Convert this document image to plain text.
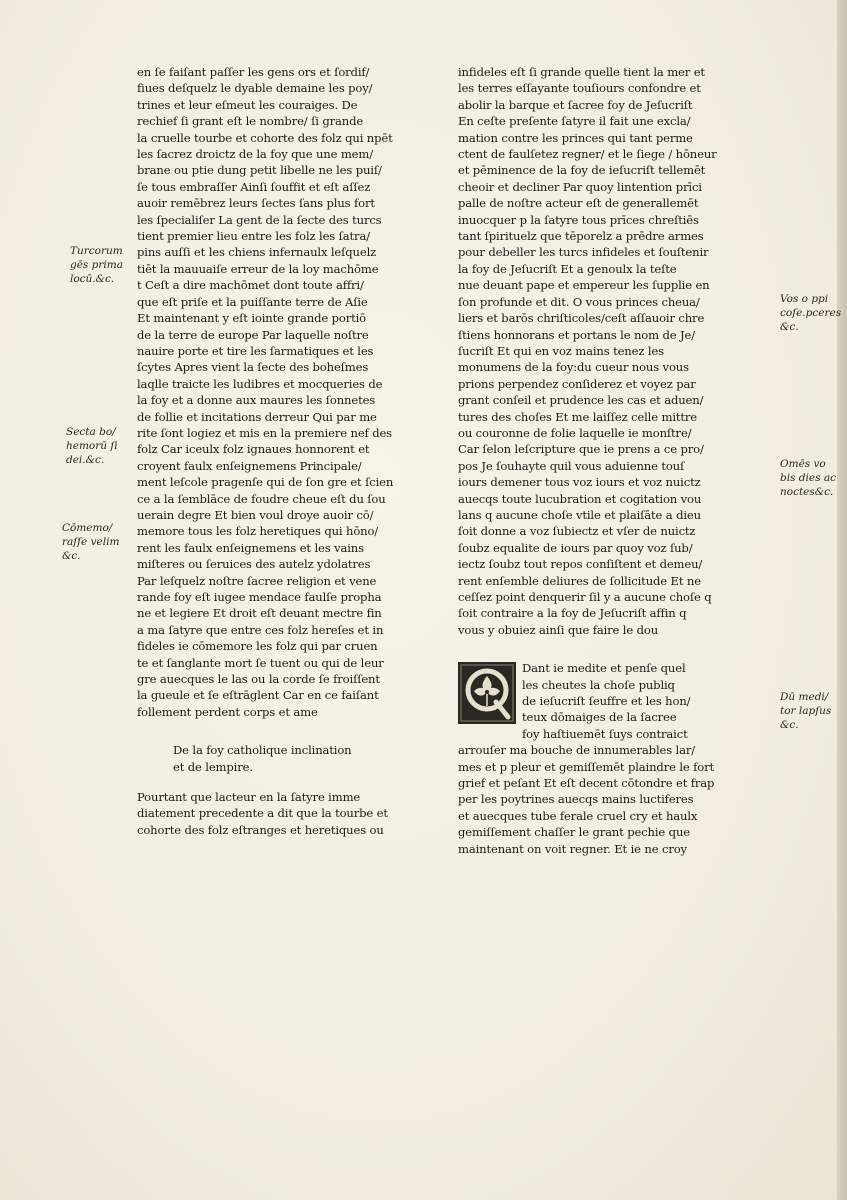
en ſe faiſant paſſer les gens ors et ſordif/
fiues deſquelz le dyable demaine les poy/
trines et leur eſmeut les couraiges. De
rechief ſi grant eſt le nombre/ ſi grande
la cruelle tourbe et cohorte des folz qui npēt
les ſacrez droictz de la foy que une mem/
brane ou ptie dung petit libelle ne les puiſ/
ſe tous embraſſer Ainſi ſouffit et eſt aſſez
auoir remēbrez leurs ſectes ſans plus fort
les ſpecialiſer La gent de la ſecte des turcs
tient premier lieu entre les folz les ſatra/
pins auſſi et les chiens infernaulx leſquelz
tiēt la mauuaiſe erreur de la loy machōme
t Ceſt a dire machōmet dont toute affri/
que eſt priſe et la puiſſante terre de Aſie
Et maintenant y eſt iointe grande portiō
de la terre de europe Par laquelle noſtre
nauire porte et tire les ſarmatiques et les
ſcytes Apres vient la ſecte des boheſmes
laqlle traicte les ludibres et mocqueries de
la foy et a donne aux maures les ſonnetes
de follie et incitations derreur Qui par me
rite ſont logiez et mis en la premiere nef des
folz Car iceulx folz ignaues honnorent et
croyent faulx enſeignemens Principale/
ment leſcole pragenſe qui de ſon gre et ſcien
ce a la ſemblāce de foudre cheue eſt du ſou
uerain degre Et bien voul droye auoir cō/
memore tous les folz heretiques qui hōno/
rent les faulx enſeignemens et les vains
miſteres ou ſeruices des autelz ydolatres
Par leſquelz noſtre ſacree religion et vene
rande foy eſt iugee mendace faulſe propha
ne et legiere Et droit eſt deuant mectre fin
a ma ſatyre que entre ces folz hereſes et in
fideles ie cōmemore les folz qui par cruen
te et ſanglante mort ſe tuent ou qui de leur
gre auecques le las ou la corde ſe froiſſent
la gueule et ſe eſtrāglent Car en ce faiſant
follement perdent corps et ame
De la foy catholique inclination
et de lempire.
Pourtant que lacteur en la ſatyre imme
diatement precedente a dit que la tourbe et
cohorte des folz eſtranges et heretiques ou
infideles eſt ſi grande quelle tient la mer et
les terres eſſayante touſiours confondre et
abolir la barque et ſacree foy de Jeſucriſt
En ceſte preſente ſatyre il fait une excla/
mation contre les princes qui tant perme
ctent de faulſetez regner/ et le ſiege / hōneur
et pēminence de la foy de ieſucriſt tellemēt
cheoir et decliner Par quoy lintention prīci
palle de noſtre acteur eſt de generallemēt
inuocquer p la ſatyre tous prīces chreſtiēs
tant ſpirituelz que tēporelz a prēdre armes
pour debeller les turcs infideles et ſouſtenir
la foy de Jeſucriſt Et a genoulx la teſte
nue deuant pape et empereur les ſupplie en
ſon profunde et dit. O vous princes cheua/
liers et barōs chriſticoles/ceſt aſſauoir chre
ſtiens honnorans et portans le nom de Je/
ſucriſt Et qui en voz mains tenez les
monumens de la foy:du cueur nous vous
prions perpendez conſiderez et voyez par
grant conſeil et prudence les cas et aduen/
tures des choſes Et me laiſſez celle mittre
ou couronne de folie laquelle ie monſtre/
Car ſelon leſcripture que ie prens a ce pro/
pos Je ſouhayte quil vous aduienne touſ
iours demener tous voz iours et voz nuictz
auecqs toute lucubration et cogitation vou
lans q aucune choſe vtile et plaiſāte a dieu
ſoit donne a voz ſubiectz et vſer de nuictz
ſoubz equalite de iours par quoy voz ſub/
iectz ſoubz tout repos conſiſtent et demeu/
rent enſemble deliures de ſollicitude Et ne
ceſſez point denquerir ſil y a aucune choſe q
ſoit contraire a la foy de Jeſucriſt affin q
vous y obuiez ainſi que faire le dou
Dant ie medite et penſe quel
les cheutes la choſe publiq
de ieſucriſt ſeuffre et les hon/
teux dōmaiges de la ſacree
foy haſtiuemēt ſuys contraict
arrouſer ma bouche de innumerables lar/
mes et p pleur et gemiſſemēt plaindre le fort
grief et peſant Et eſt decent cōtondre et frap
per les poytrines auecqs mains luctiferes
et auecques tube ferale cruel cry et haulx
gemiſſement chaſſer le grant pechie que
maintenant on voit regner. Et ie ne croy
Turcorum
gēs prima
locū.&c.
Secta bo/
hemorū ſi
dei.&c.
Cōmemo/
raſſe velim
&c.
Vos o ppi
coſe.pceres
&c.
Omēs vo
bis dies ac
noctes&c.
Dū medi/
tor lapſus
&c.
